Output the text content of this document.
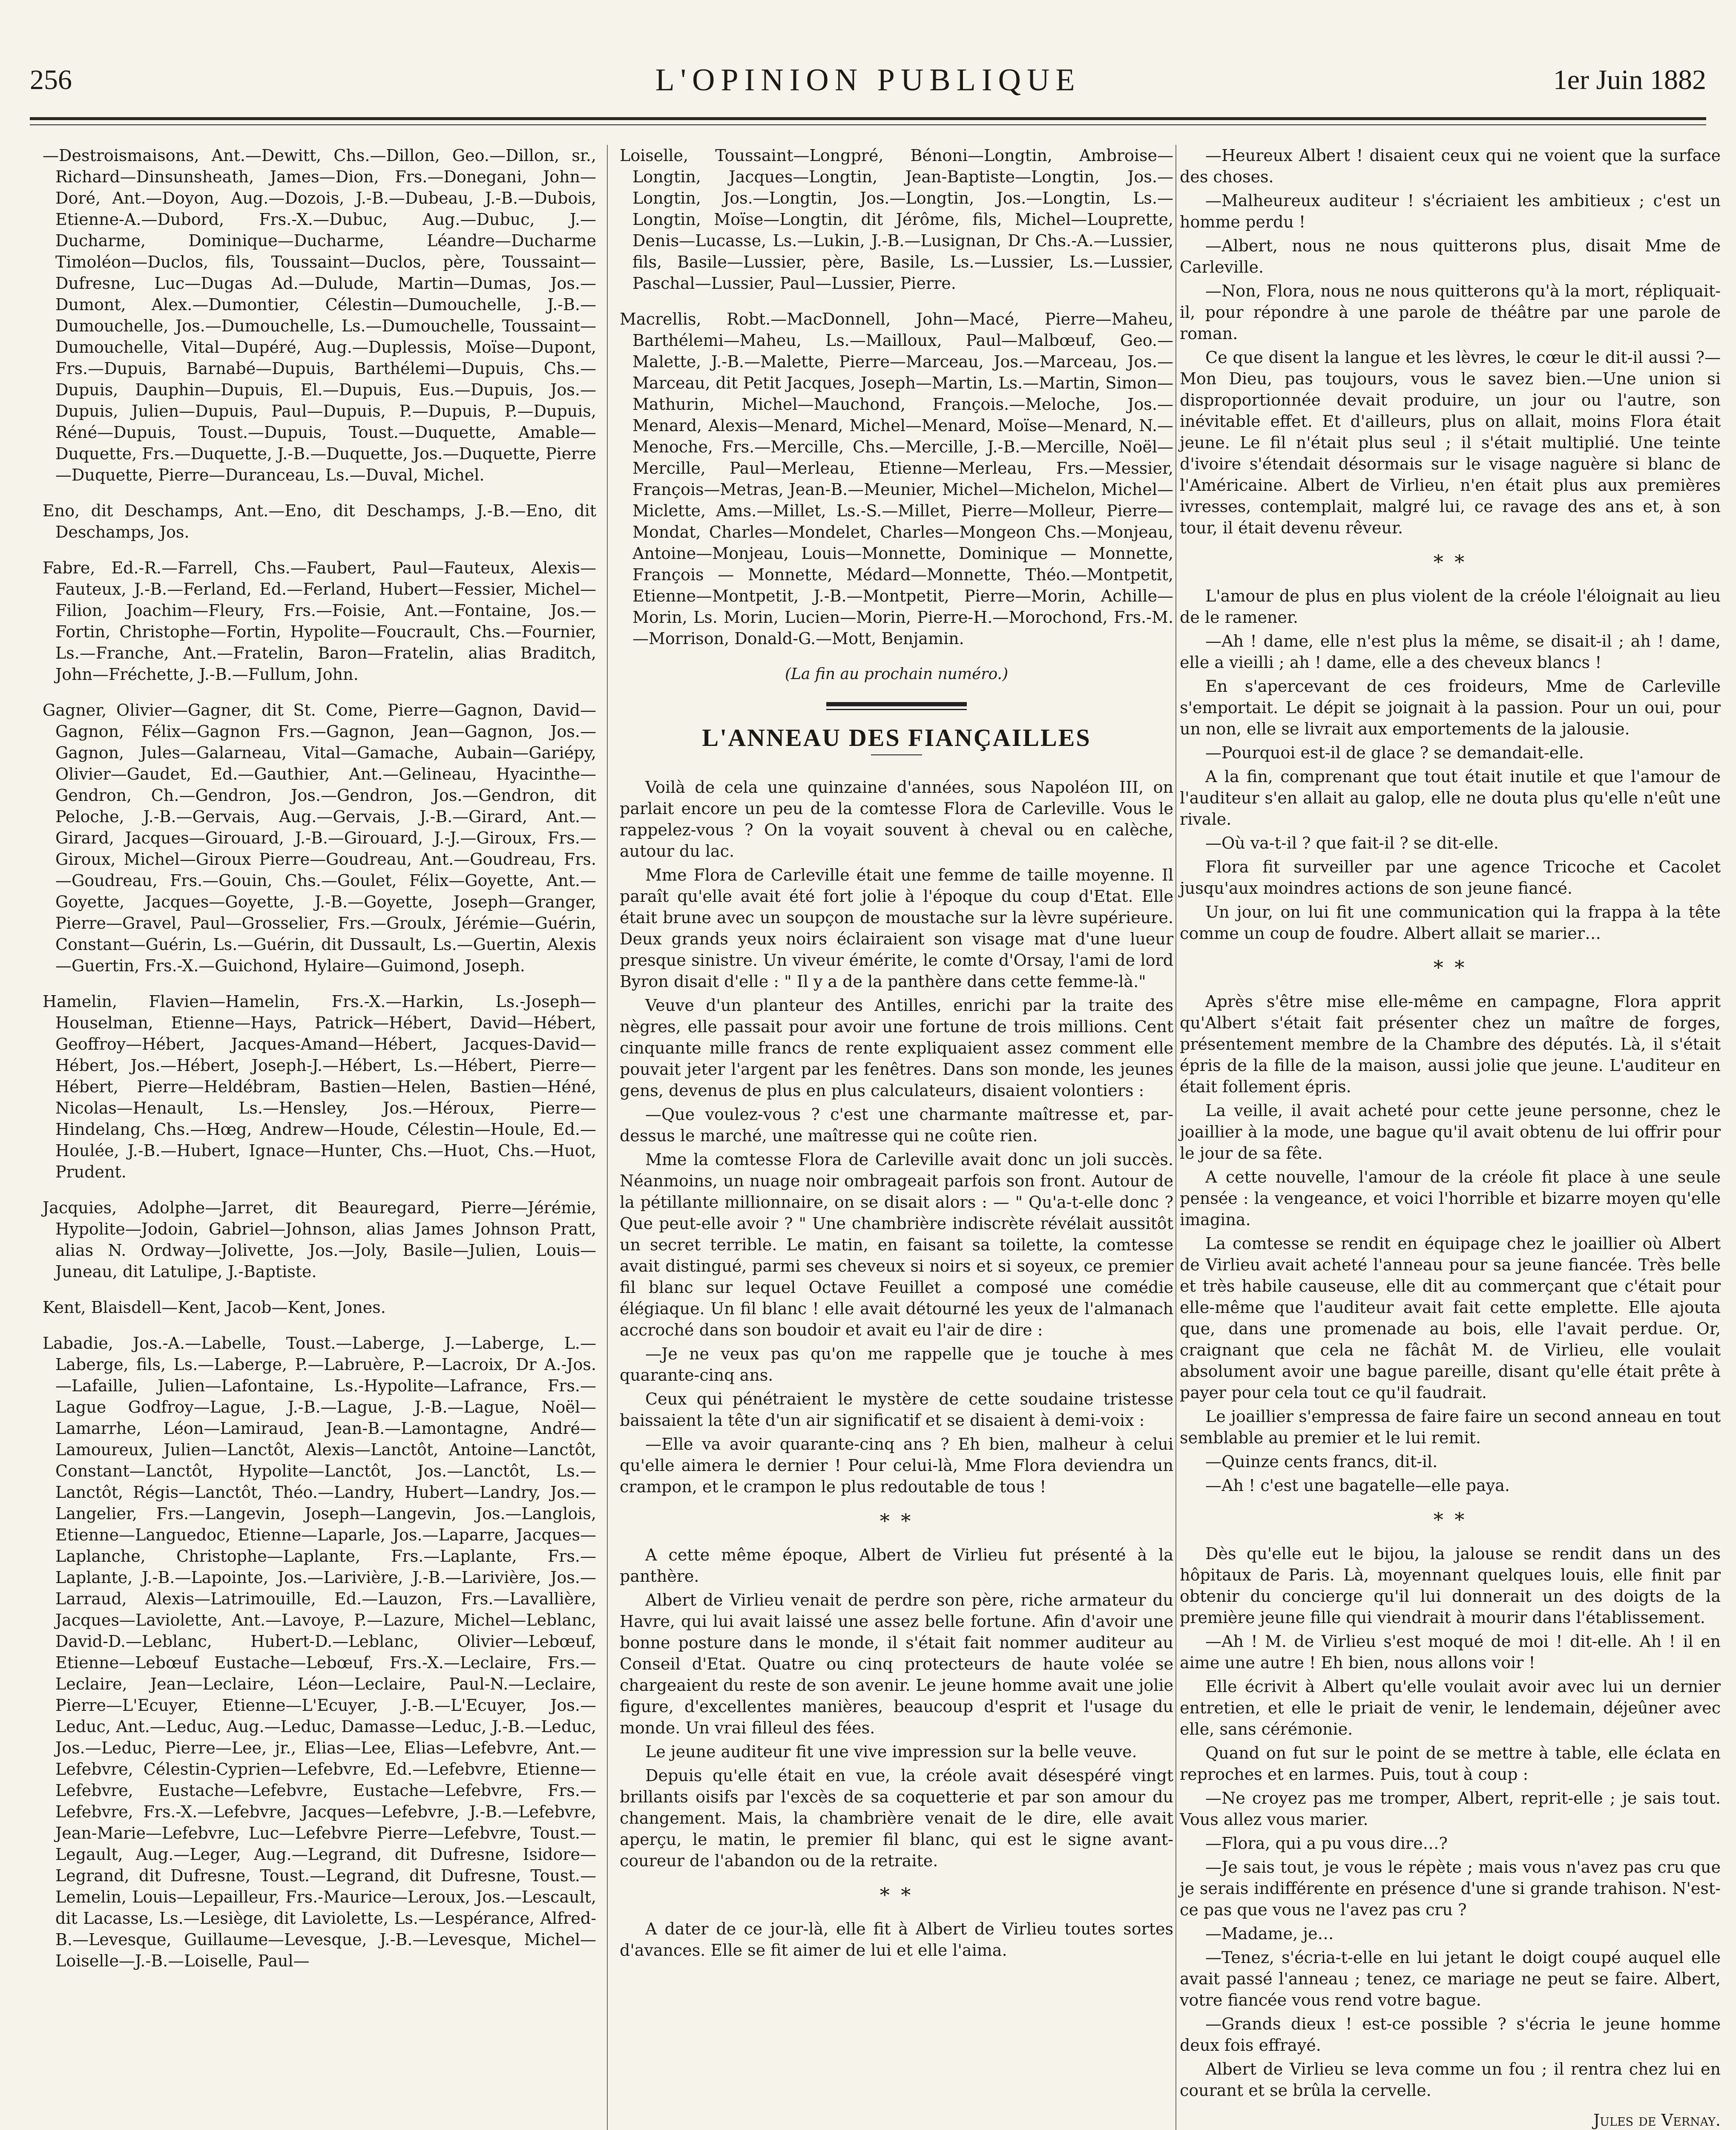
256	L'OPINION PUBLIQUE	1er Juin 1882

—Destroismaisons, Ant.—Dewitt, Chs.—Dillon, Geo.—Dillon, sr., Richard—Dinsunsheath, James—Dion, Frs.—Donegani, John—Doré, Ant.—Doyon, Aug.—Dozois, J.-B.—Dubeau, J.-B.—Dubois, Etienne-A.—Dubord, Frs.-X.—Dubuc, Aug.—Dubuc, J.—Ducharme, Dominique—Ducharme, Léandre—Ducharme Timoléon—Duclos, fils, Toussaint—Duclos, père, Toussaint—Dufresne, Luc—Dugas Ad.—Dulude, Martin—Dumas, Jos.—Dumont, Alex.—Dumontier, Célestin—Dumouchelle, J.-B.—Dumouchelle, Jos.—Dumouchelle, Ls.—Dumouchelle, Toussaint—Dumouchelle, Vital—Dupéré, Aug.—Duplessis, Moïse—Dupont, Frs.—Dupuis, Barnabé—Dupuis, Barthélemi—Dupuis, Chs.—Dupuis, Dauphin—Dupuis, El.—Dupuis, Eus.—Dupuis, Jos.—Dupuis, Julien—Dupuis, Paul—Dupuis, P.—Dupuis, P.—Dupuis, Réné—Dupuis, Toust.—Dupuis, Toust.—Duquette, Amable—Duquette, Frs.—Duquette, J.-B.—Duquette, Jos.—Duquette, Pierre—Duquette, Pierre—Duranceau, Ls.—Duval, Michel.

Eno, dit Deschamps, Ant.—Eno, dit Deschamps, J.-B.—Eno, dit Deschamps, Jos.

Fabre, Ed.-R.—Farrell, Chs.—Faubert, Paul—Fauteux, Alexis—Fauteux, J.-B.—Ferland, Ed.—Ferland, Hubert—Fessier, Michel—Filion, Joachim—Fleury, Frs.—Foisie, Ant.—Fontaine, Jos.—Fortin, Christophe—Fortin, Hypolite—Foucrault, Chs.—Fournier, Ls.—Franche, Ant.—Fratelin, Baron—Fratelin, alias Braditch, John—Fréchette, J.-B.—Fullum, John.

Gagner, Olivier—Gagner, dit St. Come, Pierre—Gagnon, David—Gagnon, Félix—Gagnon Frs.—Gagnon, Jean—Gagnon, Jos.—Gagnon, Jules—Galarneau, Vital—Gamache, Aubain—Gariépy, Olivier—Gaudet, Ed.—Gauthier, Ant.—Gelineau, Hyacinthe—Gendron, Ch.—Gendron, Jos.—Gendron, Jos.—Gendron, dit Peloche, J.-B.—Gervais, Aug.—Gervais, J.-B.—Girard, Ant.—Girard, Jacques—Girouard, J.-B.—Girouard, J.-J.—Giroux, Frs.—Giroux, Michel—Giroux Pierre—Goudreau, Ant.—Goudreau, Frs.—Goudreau, Frs.—Gouin, Chs.—Goulet, Félix—Goyette, Ant.—Goyette, Jacques—Goyette, J.-B.—Goyette, Joseph—Granger, Pierre—Gravel, Paul—Grosselier, Frs.—Groulx, Jérémie—Guérin, Constant—Guérin, Ls.—Guérin, dit Dussault, Ls.—Guertin, Alexis—Guertin, Frs.-X.—Guichond, Hylaire—Guimond, Joseph.

Hamelin, Flavien—Hamelin, Frs.-X.—Harkin, Ls.-Joseph—Houselman, Etienne—Hays, Patrick—Hébert, David—Hébert, Geoffroy—Hébert, Jacques-Amand—Hébert, Jacques-David—Hébert, Jos.—Hébert, Joseph-J.—Hébert, Ls.—Hébert, Pierre—Hébert, Pierre—Heldébram, Bastien—Helen, Bastien—Héné, Nicolas—Henault, Ls.—Hensley, Jos.—Héroux, Pierre—Hindelang, Chs.—Hœg, Andrew—Houde, Célestin—Houle, Ed.—Houlée, J.-B.—Hubert, Ignace—Hunter, Chs.—Huot, Chs.—Huot, Prudent.

Jacquies, Adolphe—Jarret, dit Beauregard, Pierre—Jérémie, Hypolite—Jodoin, Gabriel—Johnson, alias James Johnson Pratt, alias N. Ordway—Jolivette, Jos.—Joly, Basile—Julien, Louis—Juneau, dit Latulipe, J.-Baptiste.

Kent, Blaisdell—Kent, Jacob—Kent, Jones.

Labadie, Jos.-A.—Labelle, Toust.—Laberge, J.—Laberge, L.—Laberge, fils, Ls.—Laberge, P.—Labruère, P.—Lacroix, Dr A.-Jos.—Lafaille, Julien—Lafontaine, Ls.-Hypolite—Lafrance, Frs.—Lague Godfroy—Lague, J.-B.—Lague, J.-B.—Lague, Noël—Lamarrhe, Léon—Lamiraud, Jean-B.—Lamontagne, André—Lamoureux, Julien—Lanctôt, Alexis—Lanctôt, Antoine—Lanctôt, Constant—Lanctôt, Hypolite—Lanctôt, Jos.—Lanctôt, Ls.—Lanctôt, Régis—Lanctôt, Théo.—Landry, Hubert—Landry, Jos.—Langelier, Frs.—Langevin, Joseph—Langevin, Jos.—Langlois, Etienne—Languedoc, Etienne—Laparle, Jos.—Laparre, Jacques—Laplanche, Christophe—Laplante, Frs.—Laplante, Frs.—Laplante, J.-B.—Lapointe, Jos.—Larivière, J.-B.—Larivière, Jos.—Larraud, Alexis—Latrimouille, Ed.—Lauzon, Frs.—Lavallière, Jacques—Laviolette, Ant.—Lavoye, P.—Lazure, Michel—Leblanc, David-D.—Leblanc, Hubert-D.—Leblanc, Olivier—Lebœuf, Etienne—Lebœuf Eustache—Lebœuf, Frs.-X.—Leclaire, Frs.—Leclaire, Jean—Leclaire, Léon—Leclaire, Paul-N.—Leclaire, Pierre—L'Ecuyer, Etienne—L'Ecuyer, J.-B.—L'Ecuyer, Jos.—Leduc, Ant.—Leduc, Aug.—Leduc, Damasse—Leduc, J.-B.—Leduc, Jos.—Leduc, Pierre—Lee, jr., Elias—Lee, Elias—Lefebvre, Ant.—Lefebvre, Célestin-Cyprien—Lefebvre, Ed.—Lefebvre, Etienne—Lefebvre, Eustache—Lefebvre, Eustache—Lefebvre, Frs.—Lefebvre, Frs.-X.—Lefebvre, Jacques—Lefebvre, J.-B.—Lefebvre, Jean-Marie—Lefebvre, Luc—Lefebvre Pierre—Lefebvre, Toust.—Legault, Aug.—Leger, Aug.—Legrand, dit Dufresne, Isidore—Legrand, dit Dufresne, Toust.—Legrand, dit Dufresne, Toust.—Lemelin, Louis—Lepailleur, Frs.-Maurice—Leroux, Jos.—Lescault, dit Lacasse, Ls.—Lesiège, dit Laviolette, Ls.—Lespérance, Alfred-B.—Levesque, Guillaume—Levesque, J.-B.—Levesque, Michel—Loiselle—J.-B.—Loiselle, Paul—

Loiselle, Toussaint—Longpré, Bénoni—Longtin, Ambroise—Longtin, Jacques—Longtin, Jean-Baptiste—Longtin, Jos.—Longtin, Jos.—Longtin, Jos.—Longtin, Jos.—Longtin, Ls.—Longtin, Moïse—Longtin, dit Jérôme, fils, Michel—Louprette, Denis—Lucasse, Ls.—Lukin, J.-B.—Lusignan, Dr Chs.-A.—Lussier, fils, Basile—Lussier, père, Basile, Ls.—Lussier, Ls.—Lussier, Paschal—Lussier, Paul—Lussier, Pierre.

Macrellis, Robt.—MacDonnell, John—Macé, Pierre—Maheu, Barthélemi—Maheu, Ls.—Mailloux, Paul—Malbœuf, Geo.—Malette, J.-B.—Malette, Pierre—Marceau, Jos.—Marceau, Jos.—Marceau, dit Petit Jacques, Joseph—Martin, Ls.—Martin, Simon—Mathurin, Michel—Mauchond, François.—Meloche, Jos.—Menard, Alexis—Menard, Michel—Menard, Moïse—Menard, N.—Menoche, Frs.—Mercille, Chs.—Mercille, J.-B.—Mercille, Noël—Mercille, Paul—Merleau, Etienne—Merleau, Frs.—Messier, François—Metras, Jean-B.—Meunier, Michel—Michelon, Michel—Miclette, Ams.—Millet, Ls.-S.—Millet, Pierre—Molleur, Pierre—Mondat, Charles—Mondelet, Charles—Mongeon Chs.—Monjeau, Antoine—Monjeau, Louis—Monnette, Dominique — Monnette, François — Monnette, Médard—Monnette, Théo.—Montpetit, Etienne—Montpetit, J.-B.—Montpetit, Pierre—Morin, Achille—Morin, Ls. Morin, Lucien—Morin, Pierre-H.—Morochond, Frs.-M.—Morrison, Donald-G.—Mott, Benjamin.

(La fin au prochain numéro.)
L'ANNEAU DES FIANÇAILLES

Voilà de cela une quinzaine d'années, sous Napoléon III, on parlait encore un peu de la comtesse Flora de Carleville. Vous le rappelez-vous ? On la voyait souvent à cheval ou en calèche, autour du lac.

Mme Flora de Carleville était une femme de taille moyenne. Il paraît qu'elle avait été fort jolie à l'époque du coup d'Etat. Elle était brune avec un soupçon de moustache sur la lèvre supérieure. Deux grands yeux noirs éclairaient son visage mat d'une lueur presque sinistre. Un viveur émérite, le comte d'Orsay, l'ami de lord Byron disait d'elle : " Il y a de la panthère dans cette femme-là."

Veuve d'un planteur des Antilles, enrichi par la traite des nègres, elle passait pour avoir une fortune de trois millions. Cent cinquante mille francs de rente expliquaient assez comment elle pouvait jeter l'argent par les fenêtres. Dans son monde, les jeunes gens, devenus de plus en plus calculateurs, disaient volontiers :

—Que voulez-vous ? c'est une charmante maîtresse et, par-dessus le marché, une maîtresse qui ne coûte rien.

Mme la comtesse Flora de Carleville avait donc un joli succès. Néanmoins, un nuage noir ombrageait parfois son front. Autour de la pétillante millionnaire, on se disait alors : — " Qu'a-t-elle donc ? Que peut-elle avoir ? " Une chambrière indiscrète révélait aussitôt un secret terrible. Le matin, en faisant sa toilette, la comtesse avait distingué, parmi ses cheveux si noirs et si soyeux, ce premier fil blanc sur lequel Octave Feuillet a composé une comédie élégiaque. Un fil blanc ! elle avait détourné les yeux de l'almanach accroché dans son boudoir et avait eu l'air de dire :

—Je ne veux pas qu'on me rappelle que je touche à mes quarante-cinq ans.

Ceux qui pénétraient le mystère de cette soudaine tristesse baissaient la tête d'un air significatif et se disaient à demi-voix :

—Elle va avoir quarante-cinq ans ? Eh bien, malheur à celui qu'elle aimera le dernier ! Pour celui-là, Mme Flora deviendra un crampon, et le crampon le plus redoutable de tous !

* *

A cette même époque, Albert de Virlieu fut présenté à la panthère.

Albert de Virlieu venait de perdre son père, riche armateur du Havre, qui lui avait laissé une assez belle fortune. Afin d'avoir une bonne posture dans le monde, il s'était fait nommer auditeur au Conseil d'Etat. Quatre ou cinq protecteurs de haute volée se chargeaient du reste de son avenir. Le jeune homme avait une jolie figure, d'excellentes manières, beaucoup d'esprit et l'usage du monde. Un vrai filleul des fées.

Le jeune auditeur fit une vive impression sur la belle veuve.

Depuis qu'elle était en vue, la créole avait désespéré vingt brillants oisifs par l'excès de sa coquetterie et par son amour du changement. Mais, la chambrière venait de le dire, elle avait aperçu, le matin, le premier fil blanc, qui est le signe avant-coureur de l'abandon ou de la retraite.

* *

A dater de ce jour-là, elle fit à Albert de Virlieu toutes sortes d'avances. Elle se fit aimer de lui et elle l'aima.

—Heureux Albert ! disaient ceux qui ne voient que la surface des choses.

—Malheureux auditeur ! s'écriaient les ambitieux ; c'est un homme perdu !

—Albert, nous ne nous quitterons plus, disait Mme de Carleville.

—Non, Flora, nous ne nous quitterons qu'à la mort, répliquait-il, pour répondre à une parole de théâtre par une parole de roman.

Ce que disent la langue et les lèvres, le cœur le dit-il aussi ?—Mon Dieu, pas toujours, vous le savez bien.—Une union si disproportionnée devait produire, un jour ou l'autre, son inévitable effet. Et d'ailleurs, plus on allait, moins Flora était jeune. Le fil n'était plus seul ; il s'était multiplié. Une teinte d'ivoire s'étendait désormais sur le visage naguère si blanc de l'Américaine. Albert de Virlieu, n'en était plus aux premières ivresses, contemplait, malgré lui, ce ravage des ans et, à son tour, il était devenu rêveur.

* *

L'amour de plus en plus violent de la créole l'éloignait au lieu de le ramener.

—Ah ! dame, elle n'est plus la même, se disait-il ; ah ! dame, elle a vieilli ; ah ! dame, elle a des cheveux blancs !

En s'apercevant de ces froideurs, Mme de Carleville s'emportait. Le dépit se joignait à la passion. Pour un oui, pour un non, elle se livrait aux emportements de la jalousie.

—Pourquoi est-il de glace ? se demandait-elle.

A la fin, comprenant que tout était inutile et que l'amour de l'auditeur s'en allait au galop, elle ne douta plus qu'elle n'eût une rivale.

—Où va-t-il ? que fait-il ? se dit-elle.

Flora fit surveiller par une agence Tricoche et Cacolet jusqu'aux moindres actions de son jeune fiancé.

Un jour, on lui fit une communication qui la frappa à la tête comme un coup de foudre. Albert allait se marier…

* *

Après s'être mise elle-même en campagne, Flora apprit qu'Albert s'était fait présenter chez un maître de forges, présentement membre de la Chambre des députés. Là, il s'était épris de la fille de la maison, aussi jolie que jeune. L'auditeur en était follement épris.

La veille, il avait acheté pour cette jeune personne, chez le joaillier à la mode, une bague qu'il avait obtenu de lui offrir pour le jour de sa fête.

A cette nouvelle, l'amour de la créole fit place à une seule pensée : la vengeance, et voici l'horrible et bizarre moyen qu'elle imagina.

La comtesse se rendit en équipage chez le joaillier où Albert de Virlieu avait acheté l'anneau pour sa jeune fiancée. Très belle et très habile causeuse, elle dit au commerçant que c'était pour elle-même que l'auditeur avait fait cette emplette. Elle ajouta que, dans une promenade au bois, elle l'avait perdue. Or, craignant que cela ne fâchât M. de Virlieu, elle voulait absolument avoir une bague pareille, disant qu'elle était prête à payer pour cela tout ce qu'il faudrait.

Le joaillier s'empressa de faire faire un second anneau en tout semblable au premier et le lui remit.

—Quinze cents francs, dit-il.

—Ah ! c'est une bagatelle—elle paya.

* *

Dès qu'elle eut le bijou, la jalouse se rendit dans un des hôpitaux de Paris. Là, moyennant quelques louis, elle finit par obtenir du concierge qu'il lui donnerait un des doigts de la première jeune fille qui viendrait à mourir dans l'établissement.

—Ah ! M. de Virlieu s'est moqué de moi ! dit-elle. Ah ! il en aime une autre ! Eh bien, nous allons voir !

Elle écrivit à Albert qu'elle voulait avoir avec lui un dernier entretien, et elle le priait de venir, le lendemain, déjeûner avec elle, sans cérémonie.

Quand on fut sur le point de se mettre à table, elle éclata en reproches et en larmes. Puis, tout à coup :

—Ne croyez pas me tromper, Albert, reprit-elle ; je sais tout. Vous allez vous marier.

—Flora, qui a pu vous dire…?

—Je sais tout, je vous le répète ; mais vous n'avez pas cru que je serais indifférente en présence d'une si grande trahison. N'est-ce pas que vous ne l'avez pas cru ?

—Madame, je…

—Tenez, s'écria-t-elle en lui jetant le doigt coupé auquel elle avait passé l'anneau ; tenez, ce mariage ne peut se faire. Albert, votre fiancée vous rend votre bague.

—Grands dieux ! est-ce possible ? s'écria le jeune homme deux fois effrayé.

Albert de Virlieu se leva comme un fou ; il rentra chez lui en courant et se brûla la cervelle.

Jules de Vernay.
